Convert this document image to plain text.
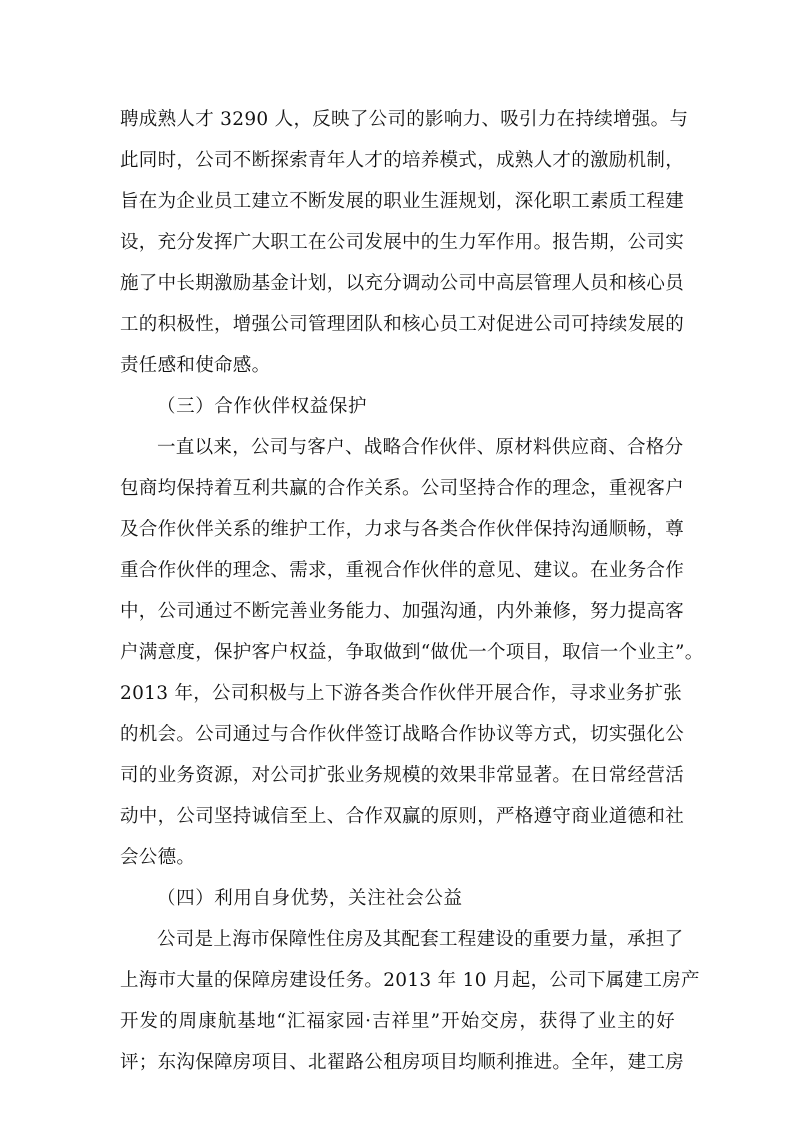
聘成熟人才 3290 人，反映了公司的影响力、吸引力在持续增强。与
此同时，公司不断探索青年人才的培养模式，成熟人才的激励机制，
旨在为企业员工建立不断发展的职业生涯规划，深化职工素质工程建
设，充分发挥广大职工在公司发展中的生力军作用。报告期，公司实
施了中长期激励基金计划，以充分调动公司中高层管理人员和核心员
工的积极性，增强公司管理团队和核心员工对促进公司可持续发展的
责任感和使命感。
（三）合作伙伴权益保护
一直以来，公司与客户、战略合作伙伴、原材料供应商、合格分
包商均保持着互利共赢的合作关系。公司坚持合作的理念，重视客户
及合作伙伴关系的维护工作，力求与各类合作伙伴保持沟通顺畅，尊
重合作伙伴的理念、需求，重视合作伙伴的意见、建议。在业务合作
中，公司通过不断完善业务能力、加强沟通，内外兼修，努力提高客
户满意度，保护客户权益，争取做到“做优一个项目，取信一个业主”。
2013 年，公司积极与上下游各类合作伙伴开展合作，寻求业务扩张
的机会。公司通过与合作伙伴签订战略合作协议等方式，切实强化公
司的业务资源，对公司扩张业务规模的效果非常显著。在日常经营活
动中，公司坚持诚信至上、合作双赢的原则，严格遵守商业道德和社
会公德。
（四）利用自身优势，关注社会公益
公司是上海市保障性住房及其配套工程建设的重要力量，承担了
上海市大量的保障房建设任务。2013 年 10 月起，公司下属建工房产
开发的周康航基地“汇福家园·吉祥里”开始交房，获得了业主的好
评；东沟保障房项目、北翟路公租房项目均顺利推进。全年，建工房
